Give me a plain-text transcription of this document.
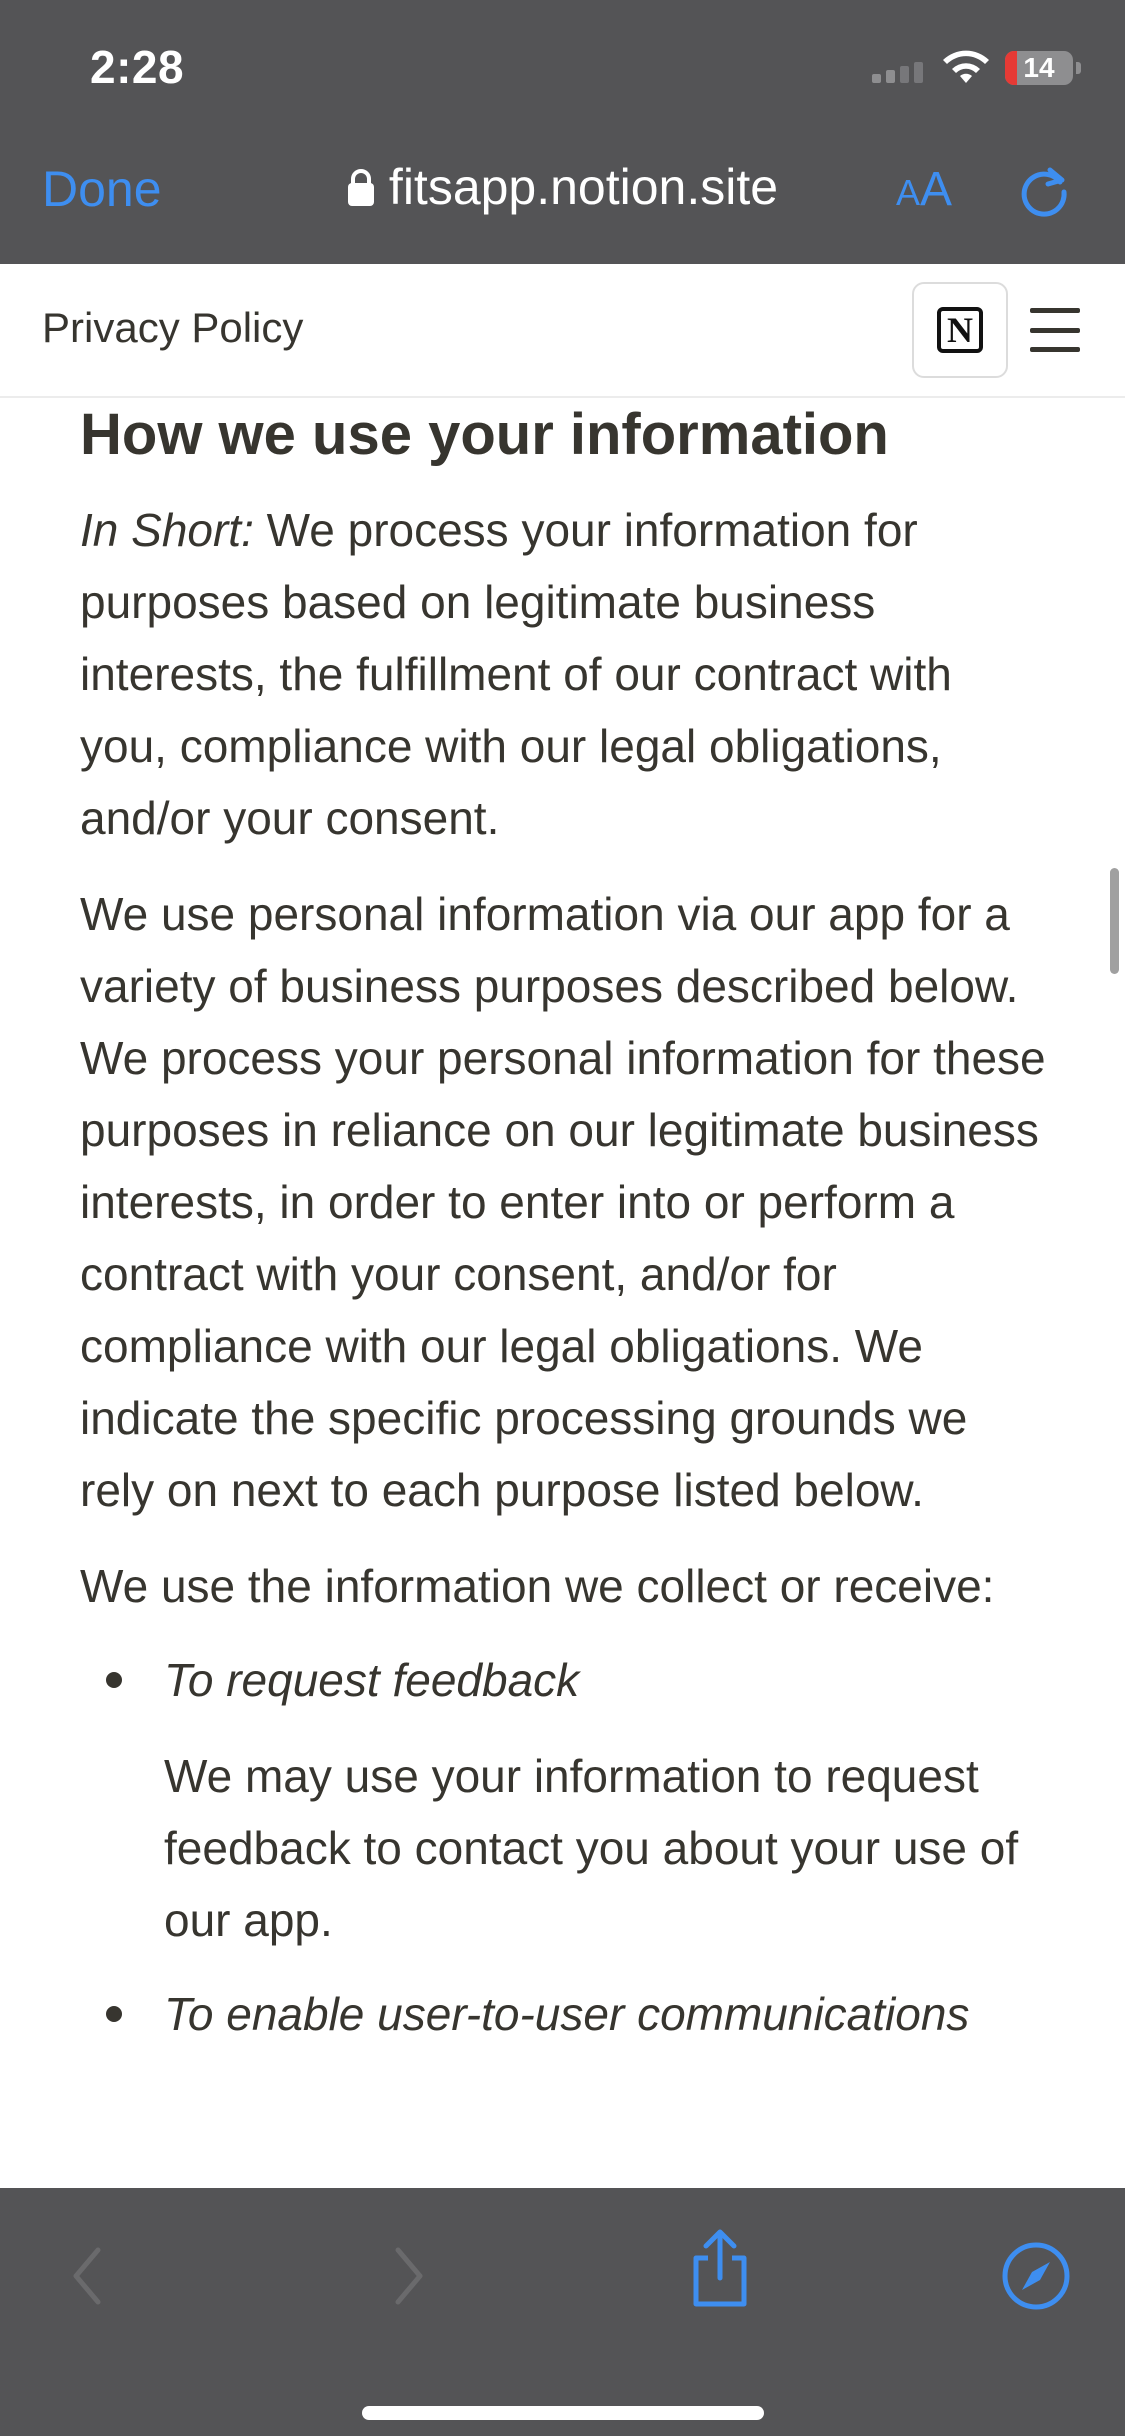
2:28	14
Done	fitsapp.notion.site	AA
Privacy Policy	N
How we use your information

In Short: We process your information for purposes based on legitimate business interests, the fulfillment of our contract with you, compliance with our legal obligations, and/or your consent.

We use personal information via our app for a variety of business purposes described below. We process your personal information for these purposes in reliance on our legitimate business interests, in order to enter into or perform a contract with your consent, and/or for compliance with our legal obligations. We indicate the specific processing grounds we rely on next to each purpose listed below.

We use the information we collect or receive:

To request feedback
We may use your information to request feedback to contact you about your use of our app.
To enable user-to-user communications
